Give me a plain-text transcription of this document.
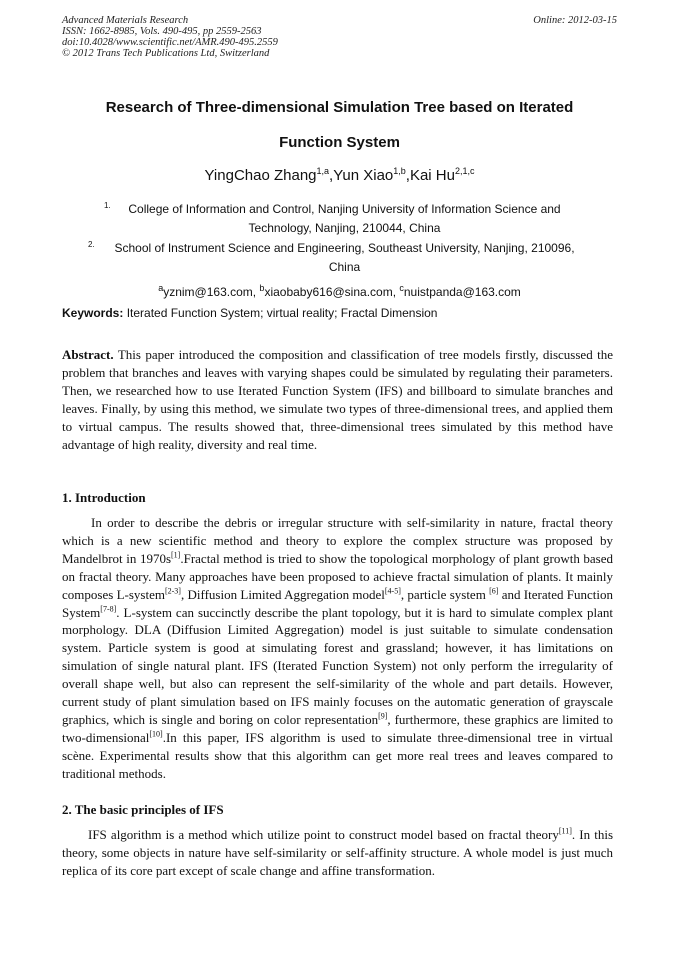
Advanced Materials Research
ISSN: 1662-8985, Vols. 490-495, pp 2559-2563
doi:10.4028/www.scientific.net/AMR.490-495.2559
© 2012 Trans Tech Publications Ltd, Switzerland
Online: 2012-03-15
Research of Three-dimensional Simulation Tree based on Iterated
Function System
YingChao Zhang$^{1,a}$,Yun Xiao$^{1,b}$,Kai Hu$^{2,1,c}$
1.	College of Information and Control, Nanjing University of Information Science and
Technology, Nanjing, 210044, China
2.	School of Instrument Science and Engineering, Southeast University, Nanjing, 210096,
China
$^a$yznim@163.com, $^b$xiaobaby616@sina.com, $^c$nuistpanda@163.com
Keywords: Iterated Function System; virtual reality; Fractal Dimension
Abstract. This paper introduced the composition and classification of tree models firstly, discussed the problem that branches and leaves with varying shapes could be simulated by regulating their parameters. Then, we researched how to use Iterated Function System (IFS) and billboard to simulate branches and leaves. Finally, by using this method, we simulate two types of three-dimensional trees, and applied them to virtual campus. The results showed that, three-dimensional trees simulated by this method have advantage of high reality, diversity and real time.
1. Introduction
In order to describe the debris or irregular structure with self-similarity in nature, fractal theory which is a new scientific method and theory to explore the complex structure was proposed by Mandelbrot in 1970s[1].Fractal method is tried to show the topological morphology of plant growth based on fractal theory. Many approaches have been proposed to achieve fractal simulation of plants. It mainly composes L-system[2-3], Diffusion Limited Aggregation model[4-5], particle system [6] and Iterated Function System[7-8]. L-system can succinctly describe the plant topology, but it is hard to simulate complex plant morphology. DLA (Diffusion Limited Aggregation) model is just suitable to simulate condensation system. Particle system is good at simulating forest and grassland; however, it has limitations on simulation of single natural plant. IFS (Iterated Function System) not only perform the irregularity of overall shape well, but also can represent the self-similarity of the whole and part details. However, current study of plant simulation based on IFS mainly focuses on the automatic generation of grayscale graphics, which is single and boring on color representation[9], furthermore, these graphics are limited to two-dimensional[10].In this paper, IFS algorithm is used to simulate three-dimensional tree in virtual scène. Experimental results show that this algorithm can get more real trees and leaves compared to traditional methods.
2. The basic principles of IFS
IFS algorithm is a method which utilize point to construct model based on fractal theory[11]. In this theory, some objects in nature have self-similarity or self-affinity structure. A whole model is just much replica of its core part except of scale change and affine transformation.
